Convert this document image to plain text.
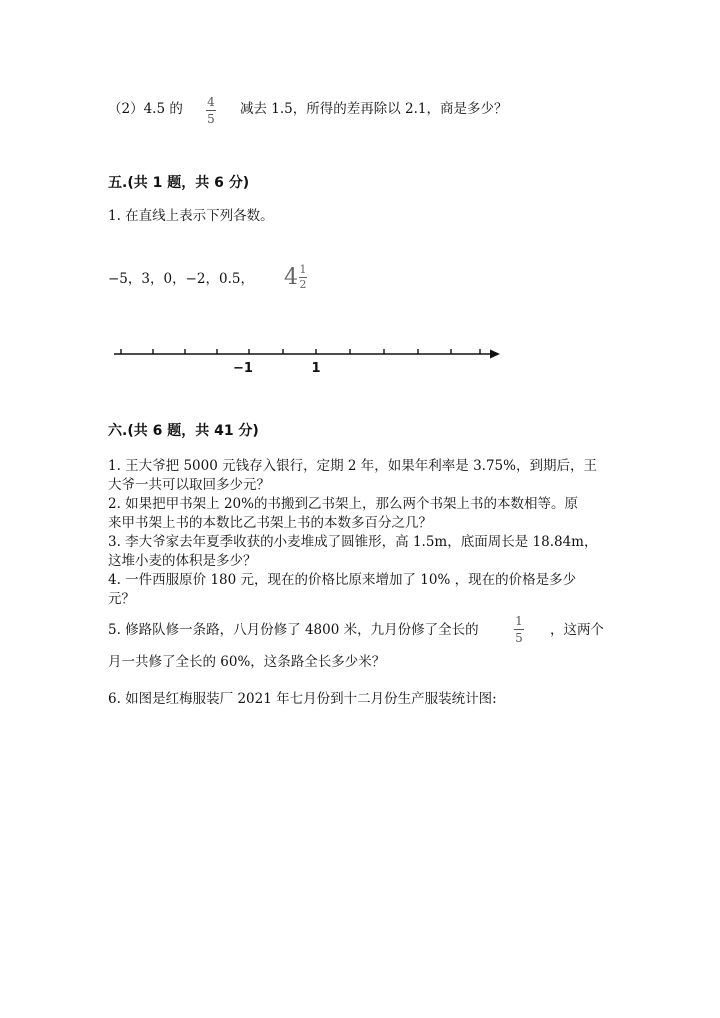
（2）4.5 的 4
5
减去 1.5，所得的差再除以 2.1，商是多少？
五.(共 1 题，共 6 分)
1. 在直线上表示下列各数。
−5，3，0，−2，0.5， 4 1
2
−1	1
六.(共 6 题，共 41 分)
1. 王大爷把 5000 元钱存入银行，定期 2 年，如果年利率是 3.75%，到期后，王
大爷一共可以取回多少元？
2. 如果把甲书架上 20%的书搬到乙书架上，那么两个书架上书的本数相等。原
来甲书架上书的本数比乙书架上书的本数多百分之几？
3. 李大爷家去年夏季收获的小麦堆成了圆锥形，高 1.5m，底面周长是 18.84m，
这堆小麦的体积是多少？
4. 一件西服原价 180 元，现在的价格比原来增加了 10% ，现在的价格是多少
元？
5. 修路队修一条路，八月份修了 4800 米，九月份修了全长的
1
5 ，这两个
月一共修了全长的 60%，这条路全长多少米？
6. 如图是红梅服装厂 2021 年七月份到十二月份生产服装统计图:
